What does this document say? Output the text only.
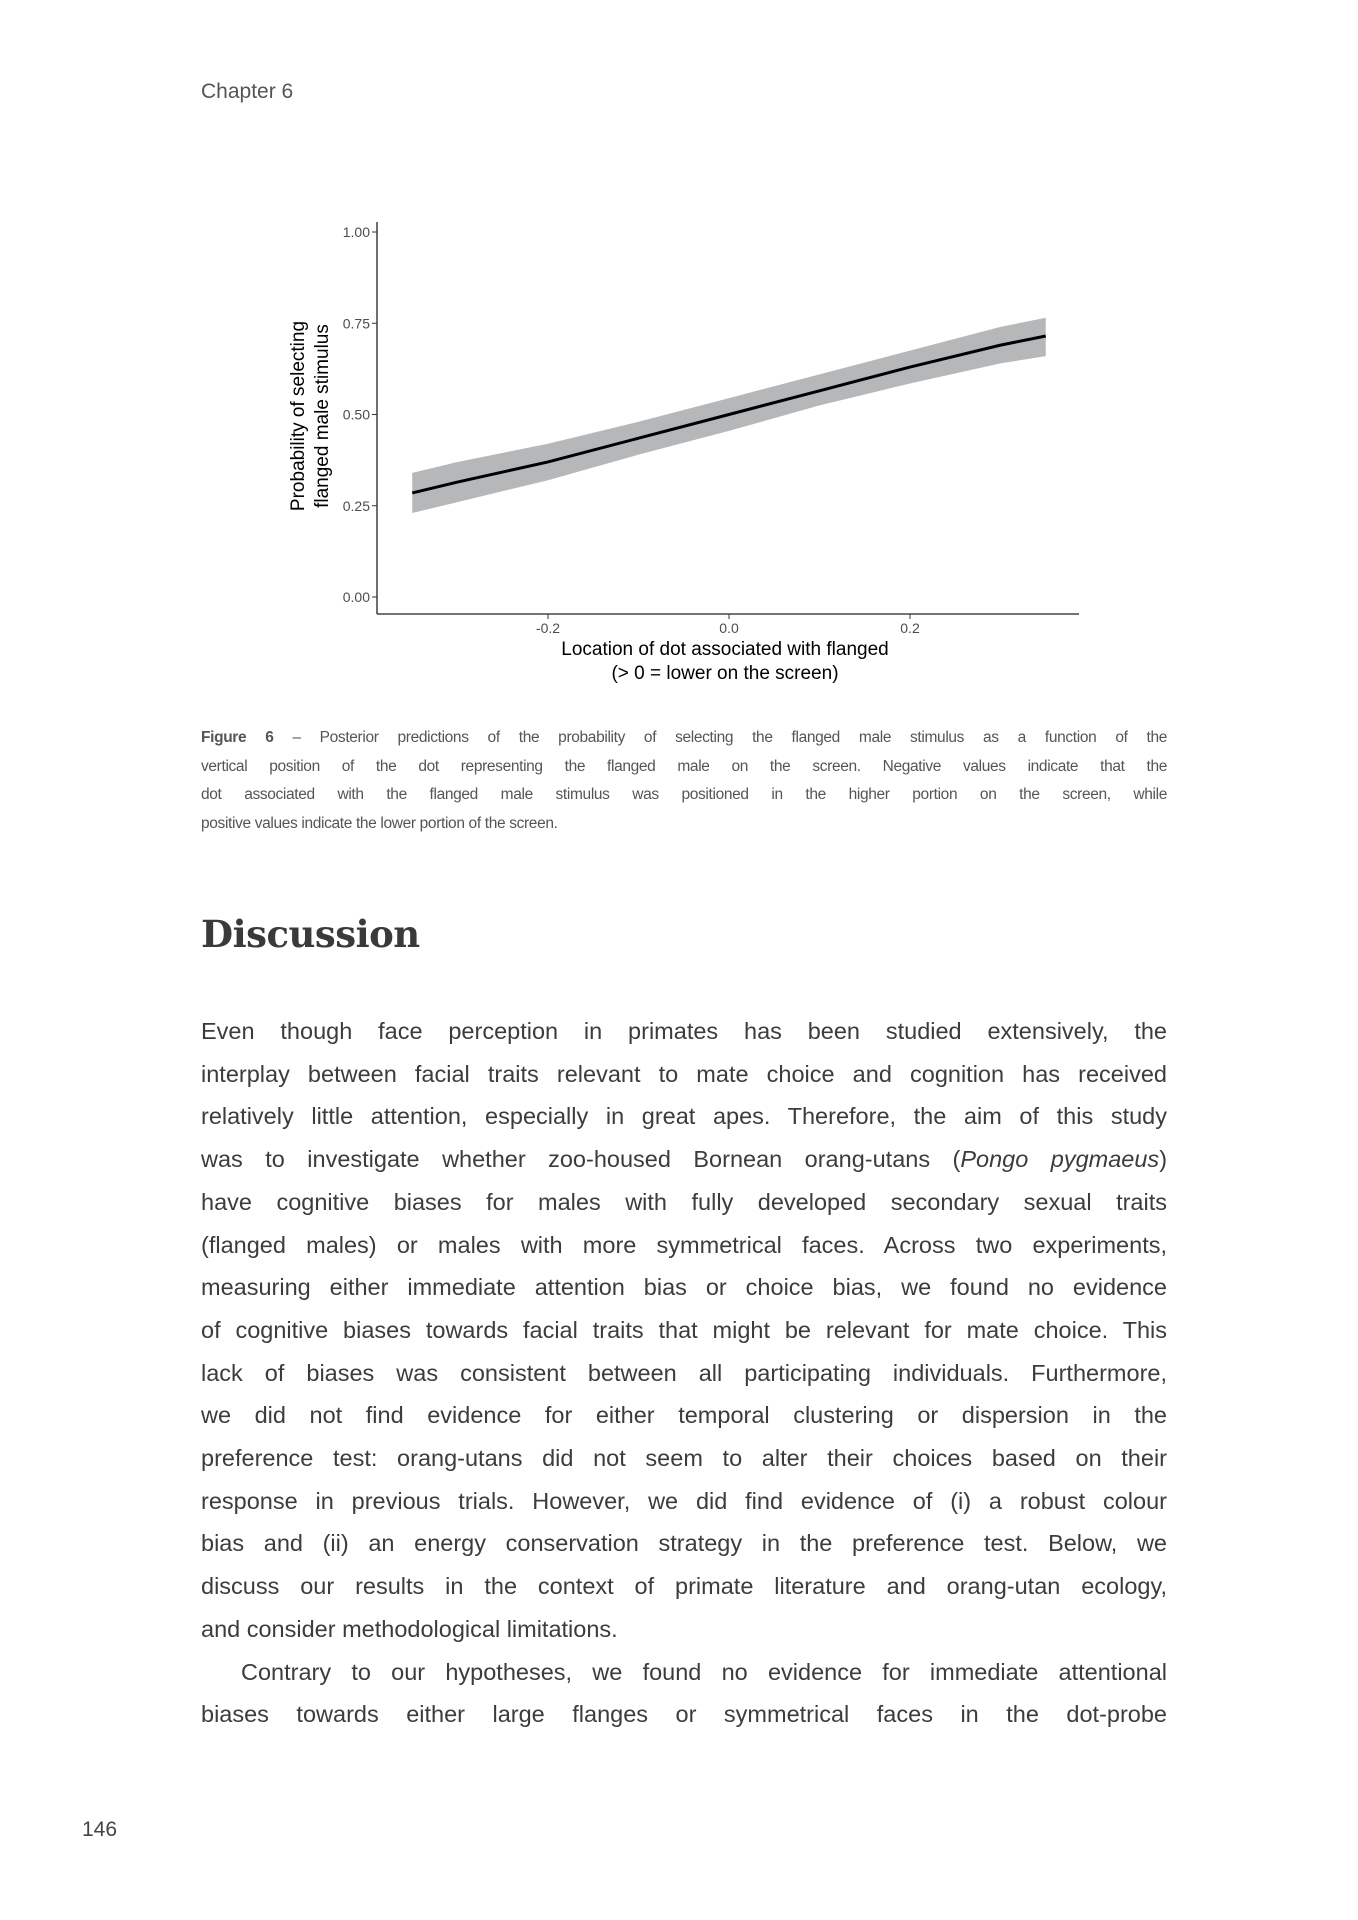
Chapter 6
0.00
0.25
0.50
0.75
1.00
-0.2	0.0	0.2
Location of dot associated with flanged
(> 0 = lower on the screen)
Probability of selecting flanged male stimulus
Figure 6 – Posterior predictions of the probability of selecting the flanged male stimulus as a function of the
vertical position of the dot representing the flanged male on the screen. Negative values indicate that the
dot associated with the flanged male stimulus was positioned in the higher portion on the screen, while
positive values indicate the lower portion of the screen.
Discussion
Even though face perception in primates has been studied extensively, the
interplay between facial traits relevant to mate choice and cognition has received
relatively little attention, especially in great apes. Therefore, the aim of this study
was to investigate whether zoo-housed Bornean orang-utans (Pongo pygmaeus)
have cognitive biases for males with fully developed secondary sexual traits
(flanged males) or males with more symmetrical faces. Across two experiments,
measuring either immediate attention bias or choice bias, we found no evidence
of cognitive biases towards facial traits that might be relevant for mate choice. This
lack of biases was consistent between all participating individuals. Furthermore,
we did not find evidence for either temporal clustering or dispersion in the
preference test: orang-utans did not seem to alter their choices based on their
response in previous trials. However, we did find evidence of (i) a robust colour
bias and (ii) an energy conservation strategy in the preference test. Below, we
discuss our results in the context of primate literature and orang-utan ecology,
and consider methodological limitations.
Contrary to our hypotheses, we found no evidence for immediate attentional
biases towards either large flanges or symmetrical faces in the dot-probe
146
